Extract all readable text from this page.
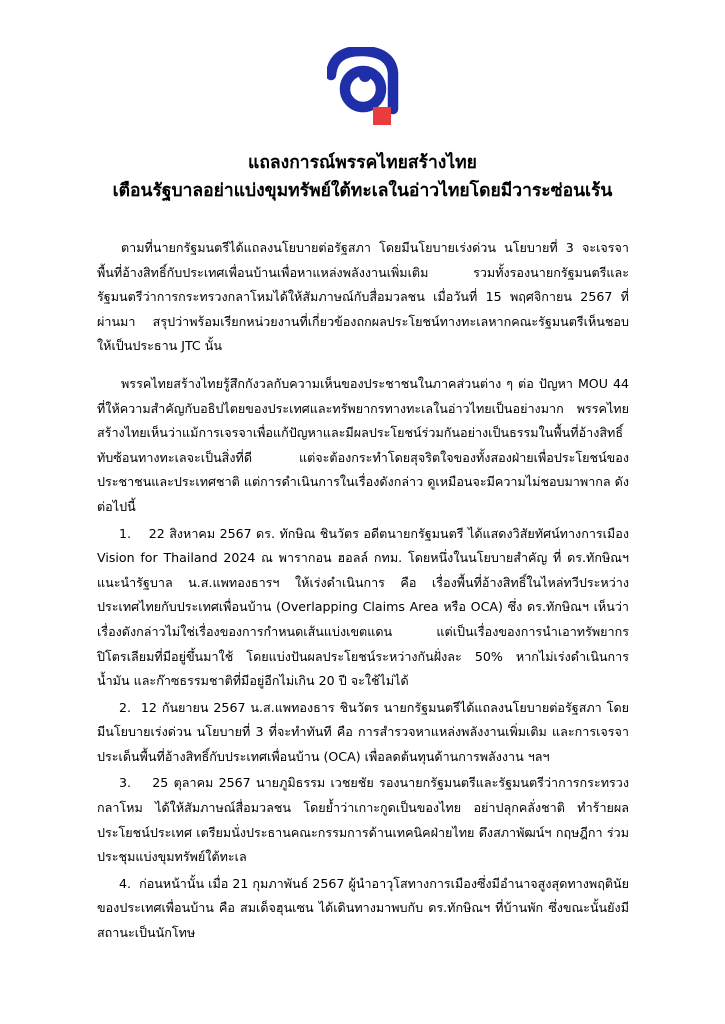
แถลงการณ์พรรคไทยสร้างไทย
เตือนรัฐบาลอย่าแบ่งขุมทรัพย์ใต้ทะเลในอ่าวไทยโดยมีวาระซ่อนเร้น

ตามที่นายกรัฐมนตรีได้แถลงนโยบายต่อรัฐสภา โดยมีนโยบายเร่งด่วน นโยบายที่ 3 จะเจรจาพื้นที่อ้างสิทธิ์กับประเทศเพื่อนบ้านเพื่อหาแหล่งพลังงานเพิ่มเติม รวมทั้งรองนายกรัฐมนตรีและรัฐมนตรีว่าการกระทรวงกลาโหมได้ให้สัมภาษณ์กับสื่อมวลชน เมื่อวันที่ 15 พฤศจิกายน 2567 ที่ผ่านมา สรุปว่าพร้อมเรียกหน่วยงานที่เกี่ยวข้องถกผลประโยชน์ทางทะเลหากคณะรัฐมนตรีเห็นชอบให้เป็นประธาน JTC นั้น

พรรคไทยสร้างไทยรู้สึกกังวลกับความเห็นของประชาชนในภาคส่วนต่าง ๆ ต่อ ปัญหา MOU 44 ที่ให้ความสำคัญกับอธิปไตยของประเทศและทรัพยากรทางทะเลในอ่าวไทยเป็นอย่างมาก พรรคไทยสร้างไทยเห็นว่าแม้การเจรจาเพื่อแก้ปัญหาและมีผลประโยชน์ร่วมกันอย่างเป็นธรรมในพื้นที่อ้างสิทธิ์ทับซ้อนทางทะเลจะเป็นสิ่งที่ดี แต่จะต้องกระทำโดยสุจริตใจของทั้งสองฝ่ายเพื่อประโยชน์ของประชาชนและประเทศชาติ แต่การดำเนินการในเรื่องดังกล่าว ดูเหมือนจะมีความไม่ชอบมาพากล ดังต่อไปนี้

1.    22 สิงหาคม 2567 ดร. ทักษิณ ชินวัตร อดีตนายกรัฐมนตรี ได้แสดงวิสัยทัศน์ทางการเมือง Vision for Thailand 2024 ณ พารากอน ฮอลล์ กทม. โดยหนึ่งในนโยบายสำคัญ ที่ ดร.ทักษิณฯ แนะนำรัฐบาล น.ส.แพทองธารฯ ให้เร่งดำเนินการ คือ เรื่องพื้นที่อ้างสิทธิ์ในไหล่ทวีประหว่างประเทศไทยกับประเทศเพื่อนบ้าน (Overlapping Claims Area หรือ OCA) ซึ่ง ดร.ทักษิณฯ เห็นว่าเรื่องดังกล่าวไม่ใช่เรื่องของการกำหนดเส้นแบ่งเขตแดน แต่เป็นเรื่องของการนำเอาทรัพยากรปิโตรเลียมที่มีอยู่ขึ้นมาใช้ โดยแบ่งปันผลประโยชน์ระหว่างกันฝั่งละ 50% หากไม่เร่งดำเนินการ น้ำมัน และก๊าซธรรมชาติที่มีอยู่อีกไม่เกิน 20 ปี จะใช้ไม่ได้

2.  12 กันยายน 2567 น.ส.แพทองธาร ชินวัตร นายกรัฐมนตรีได้แถลงนโยบายต่อรัฐสภา โดยมีนโยบายเร่งด่วน นโยบายที่ 3 ที่จะทำทันที คือ การสำรวจหาแหล่งพลังงานเพิ่มเติม และการเจรจาประเด็นพื้นที่อ้างสิทธิ์กับประเทศเพื่อนบ้าน (OCA) เพื่อลดต้นทุนด้านการพลังงาน ฯลฯ

3.    25 ตุลาคม 2567 นายภูมิธรรม เวชยชัย รองนายกรัฐมนตรีและรัฐมนตรีว่าการกระทรวงกลาโหม ได้ให้สัมภาษณ์สื่อมวลชน โดยย้ำว่าเกาะกูดเป็นของไทย อย่าปลุกคลั่งชาติ ทำร้ายผลประโยชน์ประเทศ เตรียมนั่งประธานคณะกรรมการด้านเทคนิคฝ่ายไทย ดึงสภาพัฒน์ฯ กฤษฎีกา ร่วมประชุมแบ่งขุมทรัพย์ใต้ทะเล

4.  ก่อนหน้านั้น เมื่อ 21 กุมภาพันธ์ 2567 ผู้นำอาวุโสทางการเมืองซึ่งมีอำนาจสูงสุดทางพฤตินัยของประเทศเพื่อนบ้าน คือ สมเด็จฮุนเซน ได้เดินทางมาพบกับ ดร.ทักษิณฯ ที่บ้านพัก ซึ่งขณะนั้นยังมีสถานะเป็นนักโทษ
